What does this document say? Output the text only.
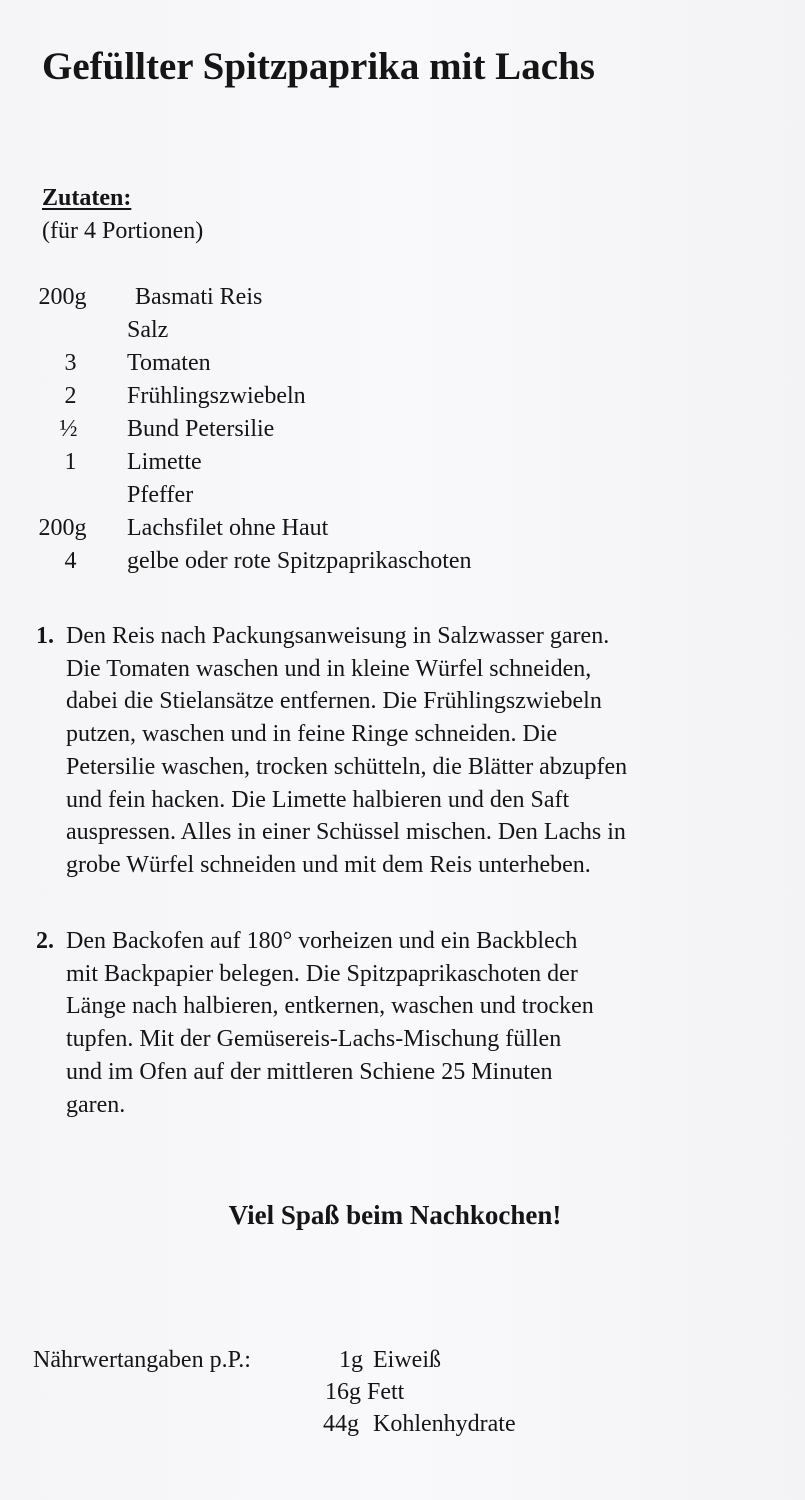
Gefüllter Spitzpaprika mit Lachs
Zutaten:

(für 4 Portionen)

200g Basmati Reis
Salz
3	Tomaten
2	Frühlingszwiebeln
½	Bund Petersilie
1	Limette
Pfeffer
200g Lachsfilet ohne Haut
4	gelbe oder rote Spitzpaprikaschoten
1. Den Reis nach Packungsanweisung in Salzwasser garen.
Die Tomaten waschen und in kleine Würfel schneiden,
dabei die Stielansätze entfernen. Die Frühlingszwiebeln
putzen, waschen und in feine Ringe schneiden. Die
Petersilie waschen, trocken schütteln, die Blätter abzupfen
und fein hacken. Die Limette halbieren und den Saft
auspressen. Alles in einer Schüssel mischen. Den Lachs in
grobe Würfel schneiden und mit dem Reis unterheben.

2. Den Backofen auf 180° vorheizen und ein Backblech
mit Backpapier belegen. Die Spitzpaprikaschoten der
Länge nach halbieren, entkernen, waschen und trocken
tupfen. Mit der Gemüsereis-Lachs-Mischung füllen
und im Ofen auf der mittleren Schiene 25 Minuten
garen.

Viel Spaß beim Nachkochen!

Nährwertangaben p.P.:	1g Eiweiß
16g Fett
44g Kohlenhydrate
